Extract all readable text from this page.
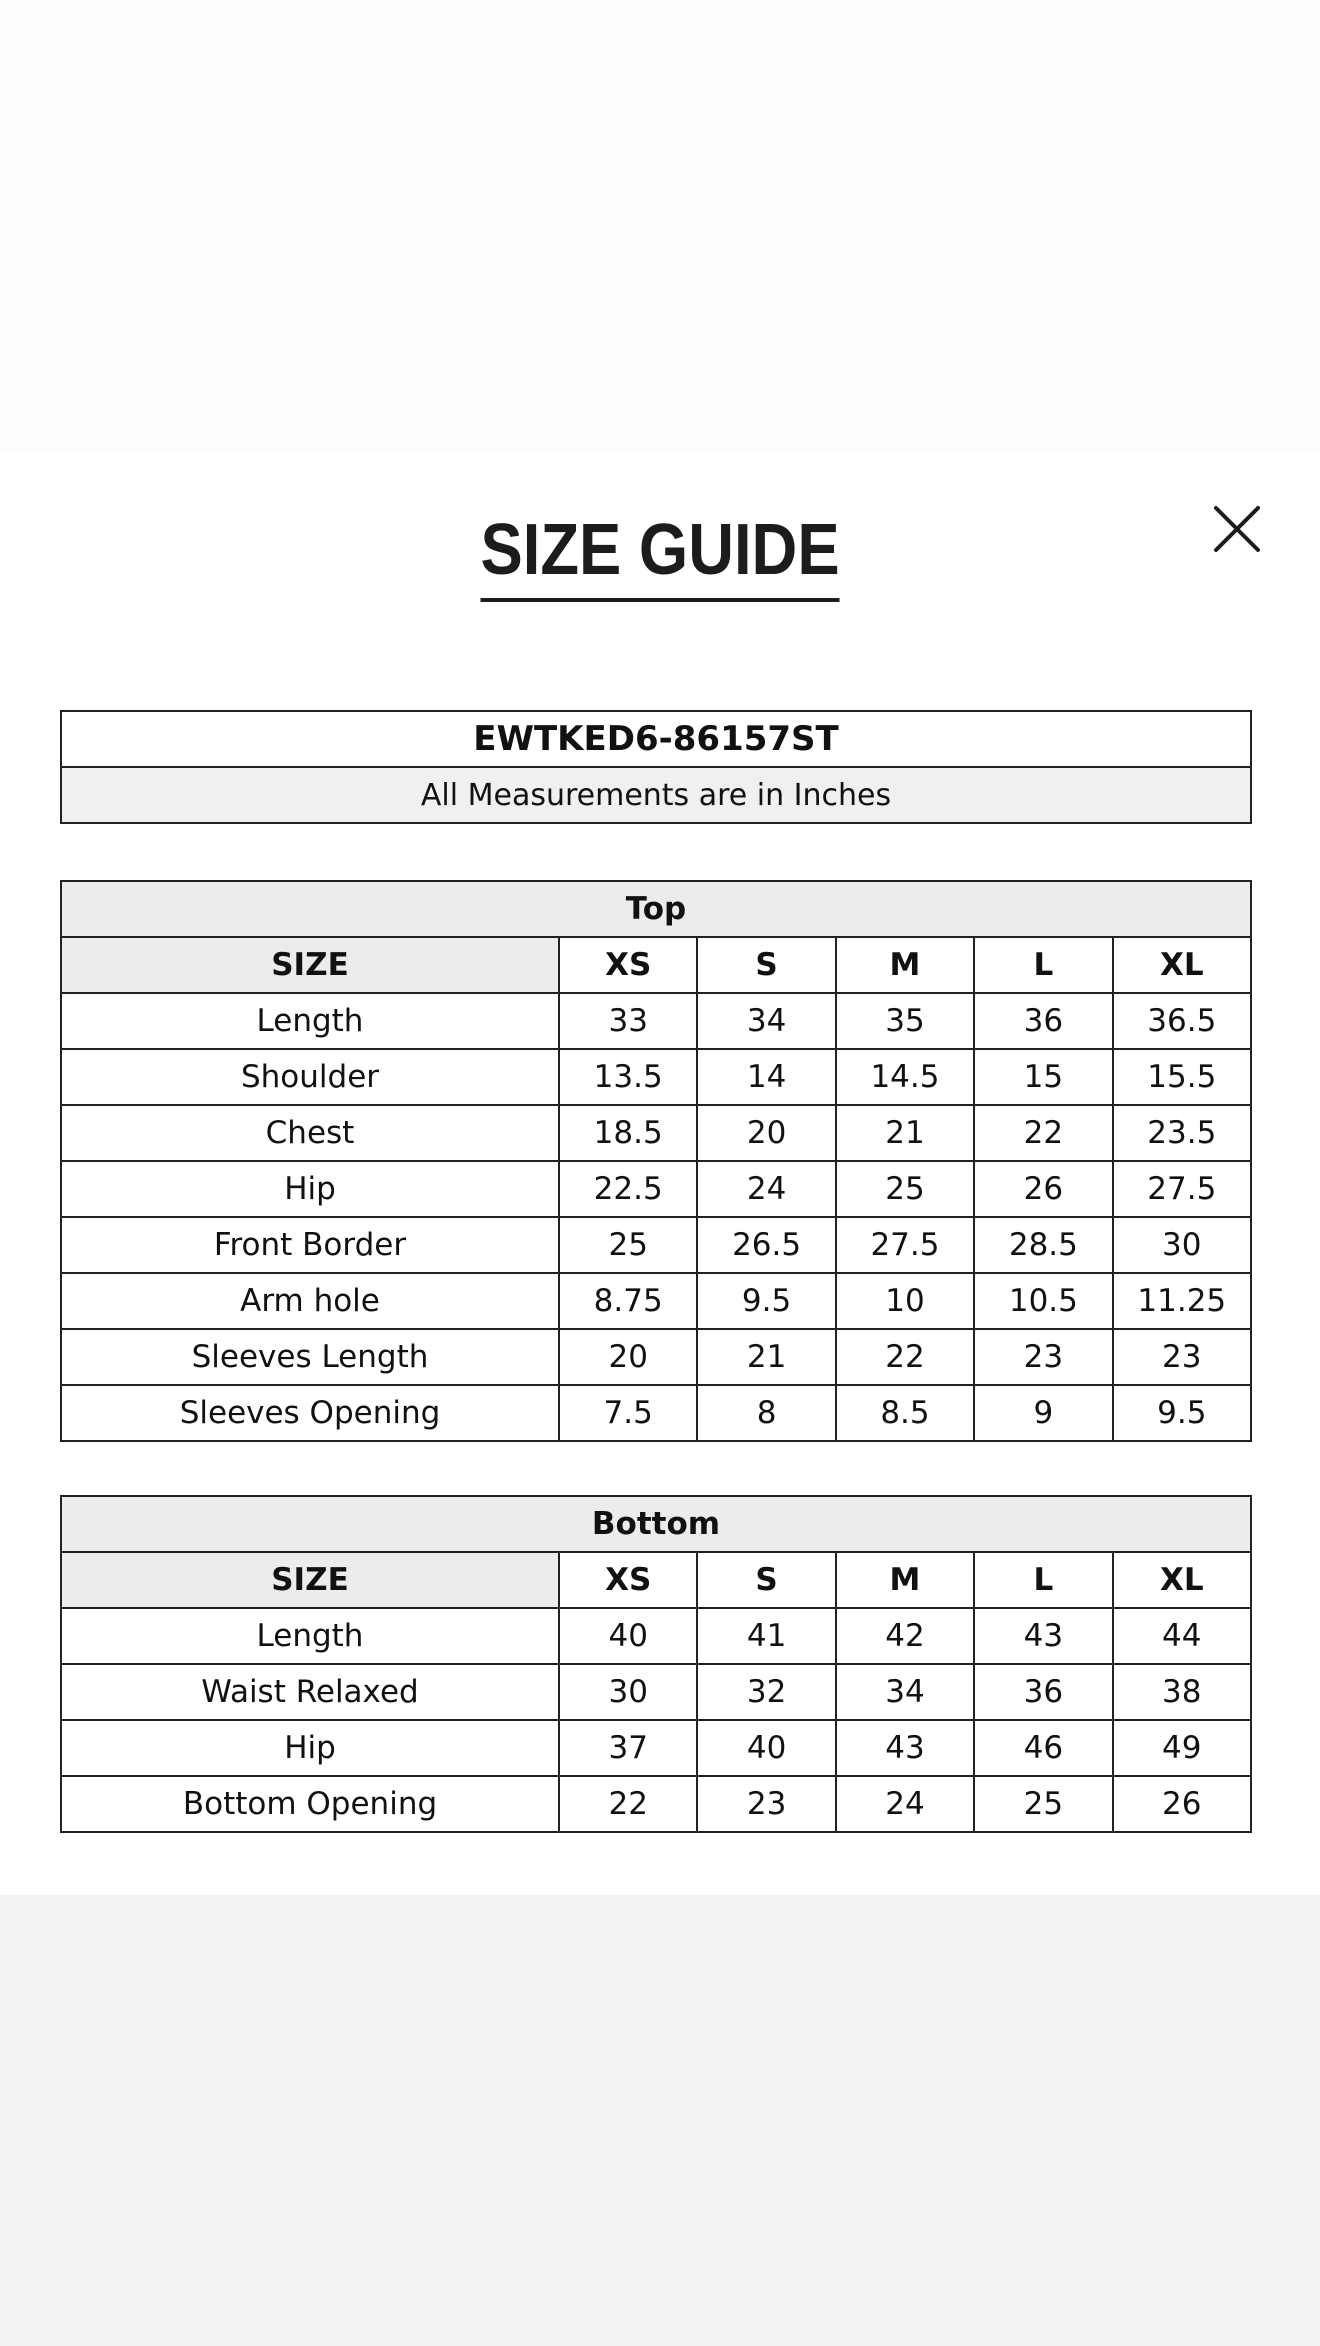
SIZE GUIDE
EWTKED6-86157ST
All Measurements are in Inches
Top					
SIZE	XS	S	M	L	XL
Length	33	34	35	36	36.5
Shoulder	13.5	14	14.5	15	15.5
Chest	18.5	20	21	22	23.5
Hip	22.5	24	25	26	27.5
Front Border	25	26.5	27.5	28.5	30
Arm hole	8.75	9.5	10	10.5	11.25
Sleeves Length	20	21	22	23	23
Sleeves Opening	7.5	8	8.5	9	9.5
Bottom					
SIZE	XS	S	M	L	XL
Length	40	41	42	43	44
Waist Relaxed	30	32	34	36	38
Hip	37	40	43	46	49
Bottom Opening	22	23	24	25	26
